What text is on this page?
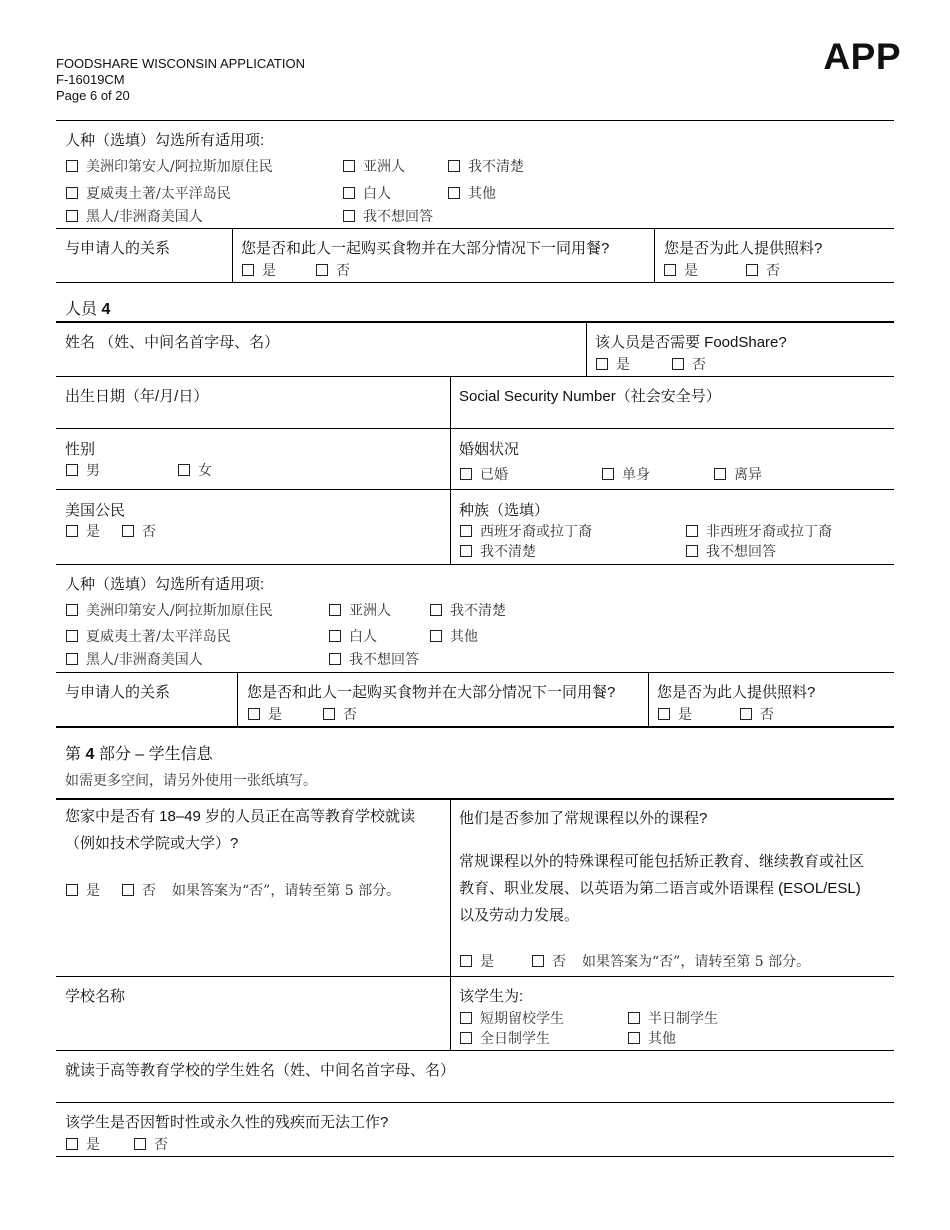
FOODSHARE WISCONSIN APPLICATION
F-16019CM
Page 6 of 20
APP
人种（选填）勾选所有适用项:
美洲印第安人/阿拉斯加原住民	亚洲人	我不清楚
夏威夷土著/太平洋岛民	白人	其他
黑人/非洲裔美国人	我不想回答
与申请人的关系	您是否和此人一起购买食物并在大部分情况下一同用餐?
是	否
您是否为此人提供照料?
是	否
人员 4
姓名 （姓、中间名首字母、名）	该人员是否需要 FoodShare?
是	否
出生日期（年/月/日）	Social Security Number（社会安全号）
性别
男	女
婚姻状况
已婚	单身	离异
美国公民
是	否
种族（选填）
西班牙裔或拉丁裔	非西班牙裔或拉丁裔
我不清楚	我不想回答
人种（选填）勾选所有适用项:
美洲印第安人/阿拉斯加原住民	亚洲人	我不清楚
夏威夷土著/太平洋岛民	白人	其他
黑人/非洲裔美国人	我不想回答
与申请人的关系	您是否和此人一起购买食物并在大部分情况下一同用餐?
是	否
您是否为此人提供照料?
是	否
第 4 部分 – 学生信息
如需更多空间，请另外使用一张纸填写。
您家中是否有 18–49 岁的人员正在高等教育学校就读
（例如技术学院或大学）?
是	否 如果答案为“否”，请转至第 5 部分。
他们是否参加了常规课程以外的课程?
常规课程以外的特殊课程可能包括矫正教育、继续教育或社区
教育、职业发展、以英语为第二语言或外语课程 (ESOL/ESL)
以及劳动力发展。
是	否 如果答案为“否”，请转至第 5 部分。
学校名称	该学生为:
短期留校学生	半日制学生
全日制学生	其他
就读于高等教育学校的学生姓名（姓、中间名首字母、名）
该学生是否因暂时性或永久性的残疾而无法工作?
是	否
